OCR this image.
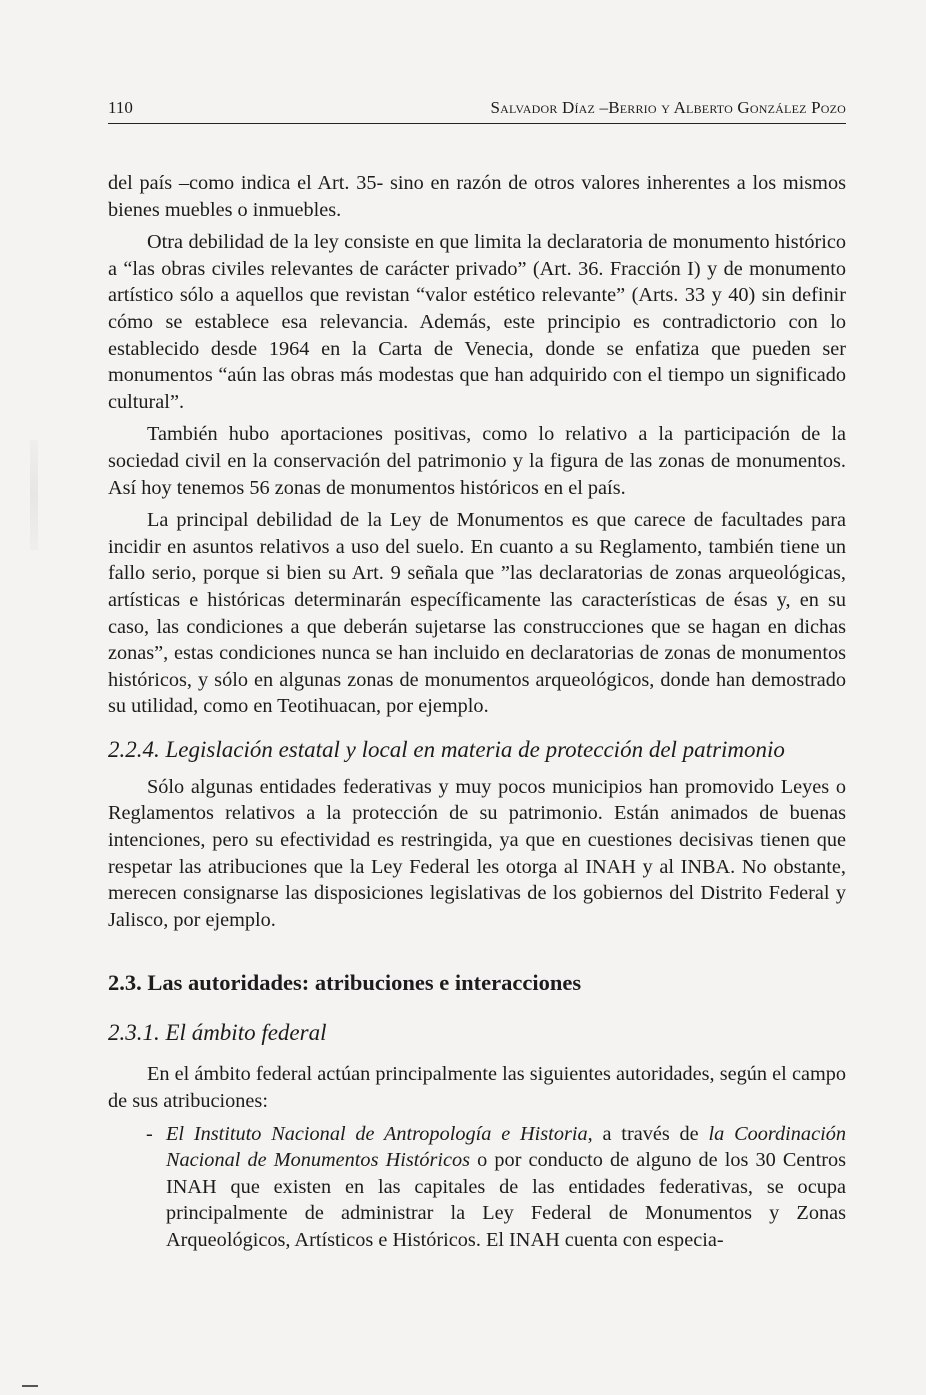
110	Salvador Díaz –Berrio y Alberto González Pozo

del país –como indica el Art. 35- sino en razón de otros valores inherentes a los mismos bienes muebles o inmuebles.

Otra debilidad de la ley consiste en que limita la declaratoria de monumento histórico a “las obras civiles relevantes de carácter privado” (Art. 36. Fracción I) y de monumento artístico sólo a aquellos que revistan “valor estético relevante” (Arts. 33 y 40) sin definir cómo se establece esa relevancia. Además, este principio es contradictorio con lo establecido desde 1964 en la Carta de Venecia, donde se enfatiza que pueden ser monumentos “aún las obras más modestas que han adquirido con el tiempo un significado cultural”.

También hubo aportaciones positivas, como lo relativo a la participación de la sociedad civil en la conservación del patrimonio y la figura de las zonas de monumentos. Así hoy tenemos 56 zonas de monumentos históricos en el país.

La principal debilidad de la Ley de Monumentos es que carece de facultades para incidir en asuntos relativos a uso del suelo. En cuanto a su Reglamento, también tiene un fallo serio, porque si bien su Art. 9 señala que ”las declaratorias de zonas arqueológicas, artísticas e históricas determinarán específicamente las características de ésas y, en su caso, las condiciones a que deberán sujetarse las construcciones que se hagan en dichas zonas”, estas condiciones nunca se han incluido en declaratorias de zonas de monumentos históricos, y sólo en algunas zonas de monumentos arqueológicos, donde han demostrado su utilidad, como en Teotihuacan, por ejemplo.

2.2.4. Legislación estatal y local en materia de protección del patrimonio

Sólo algunas entidades federativas y muy pocos municipios han promovido Leyes o Reglamentos relativos a la protección de su patrimonio. Están animados de buenas intenciones, pero su efectividad es restringida, ya que en cuestiones decisivas tienen que respetar las atribuciones que la Ley Federal les otorga al INAH y al INBA. No obstante, merecen consignarse las disposiciones legislativas de los gobiernos del Distrito Federal y Jalisco, por ejemplo.

2.3. Las autoridades: atribuciones e interacciones
2.3.1. El ámbito federal

En el ámbito federal actúan principalmente las siguientes autoridades, según el campo de sus atribuciones:

- El Instituto Nacional de Antropología e Historia, a través de la Coordinación Nacional de Monumentos Históricos o por conducto de alguno de los 30 Centros INAH que existen en las capitales de las entidades federativas, se ocupa principalmente de administrar la Ley Federal de Monumentos y Zonas Arqueológicos, Artísticos e Históricos. El INAH cuenta con especia-
